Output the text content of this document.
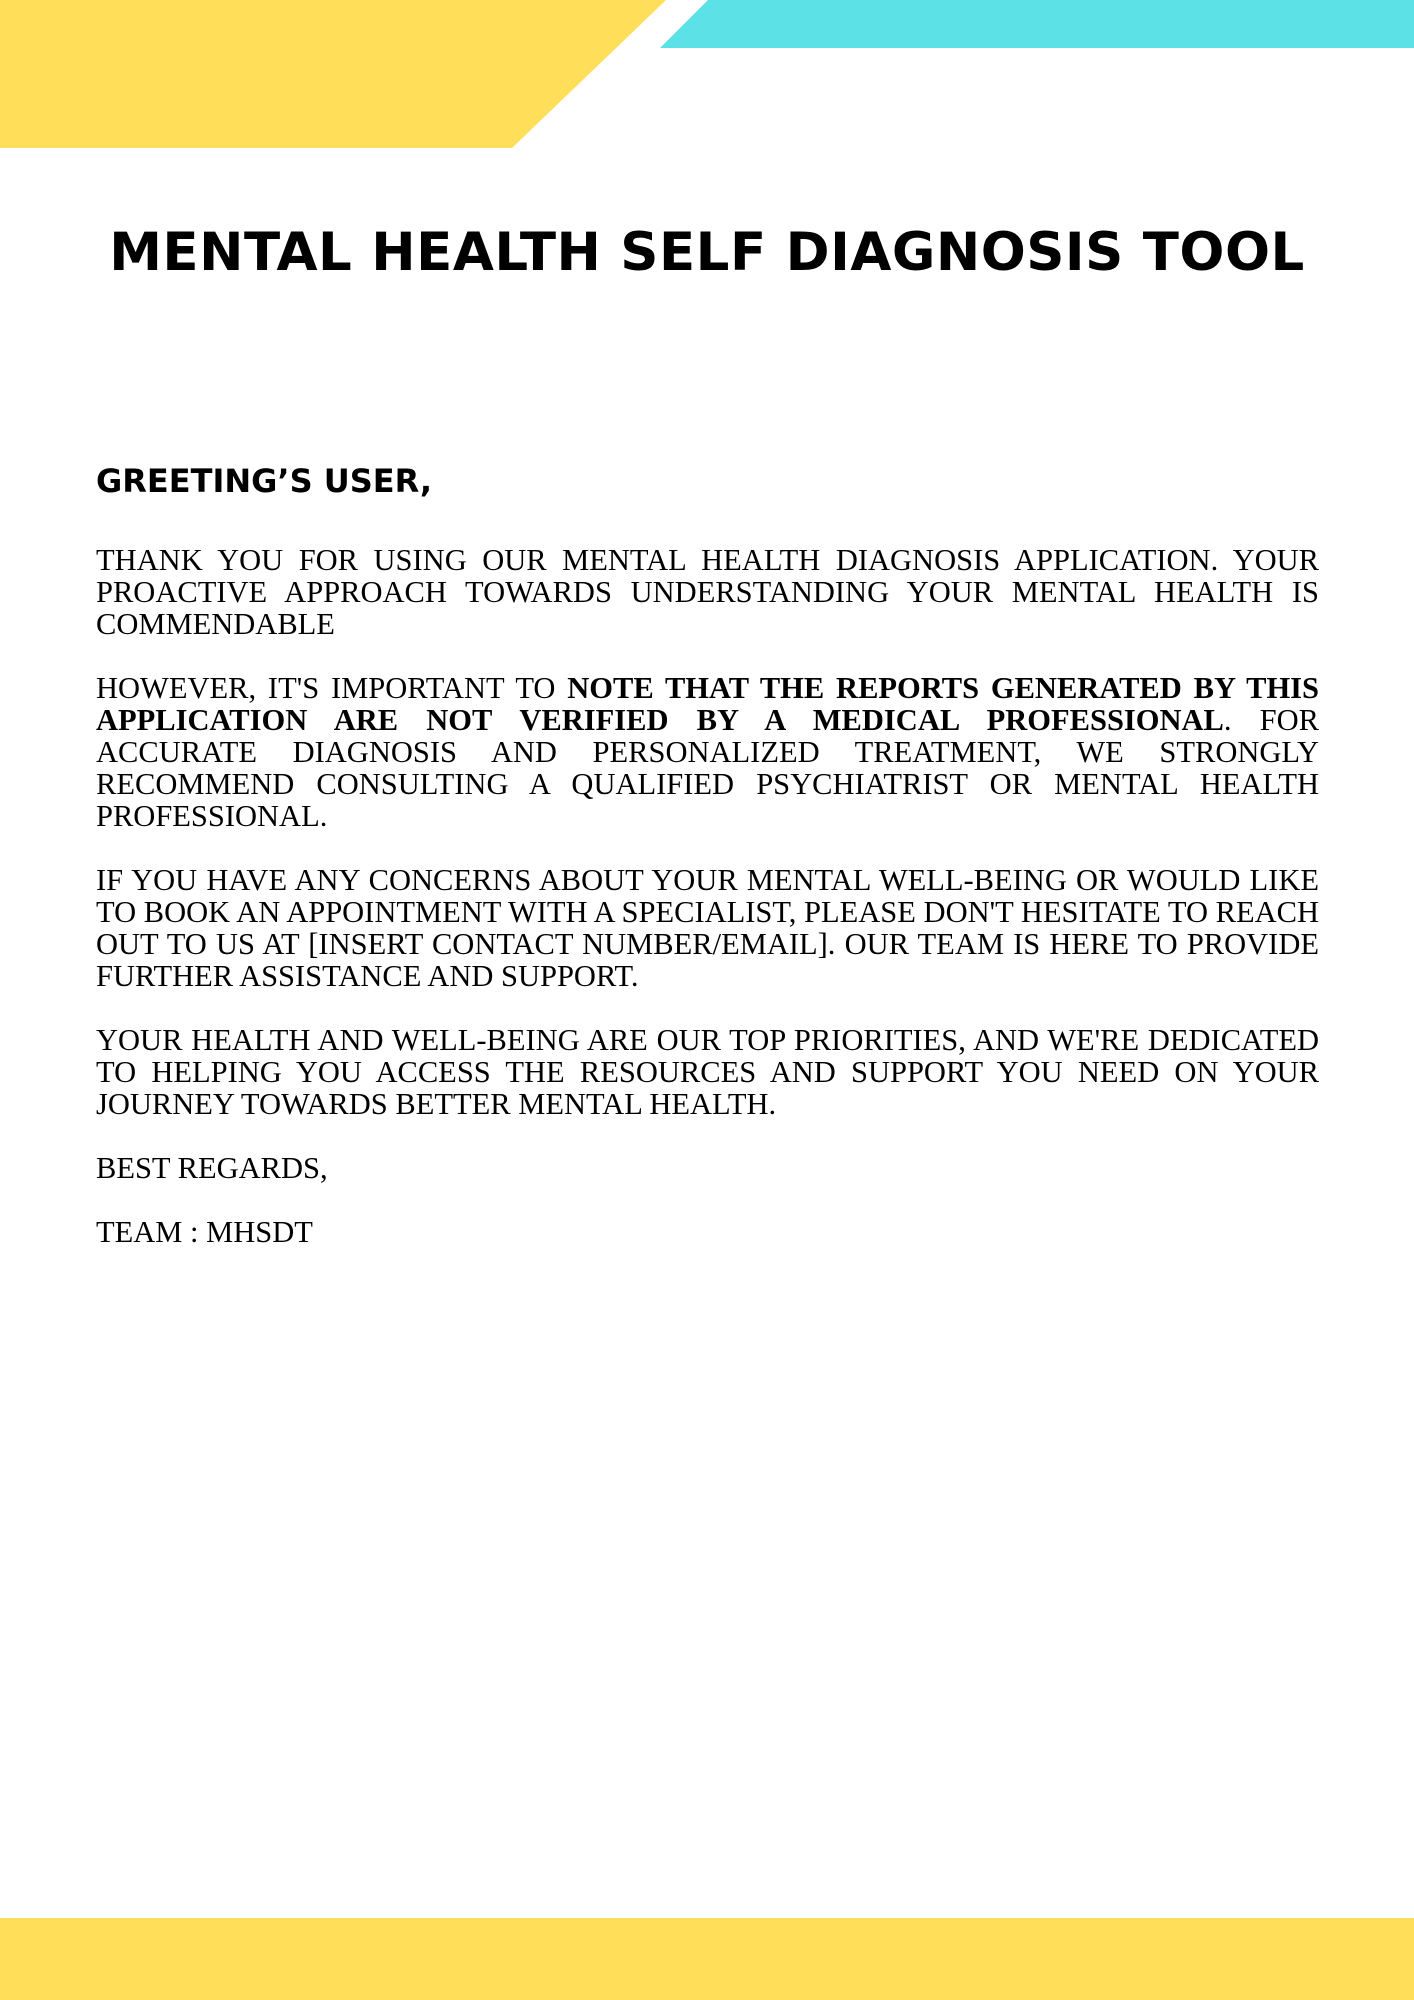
MENTAL HEALTH SELF DIAGNOSIS TOOL
GREETING’S USER,

THANK YOU FOR USING OUR MENTAL HEALTH DIAGNOSIS APPLICATION. YOUR PROACTIVE APPROACH TOWARDS UNDERSTANDING YOUR MENTAL HEALTH IS COMMENDABLE

HOWEVER, IT'S IMPORTANT TO NOTE THAT THE REPORTS GENERATED BY THIS APPLICATION ARE NOT VERIFIED BY A MEDICAL PROFESSIONAL. FOR ACCURATE DIAGNOSIS AND PERSONALIZED TREATMENT, WE STRONGLY RECOMMEND CONSULTING A QUALIFIED PSYCHIATRIST OR MENTAL HEALTH PROFESSIONAL.

IF YOU HAVE ANY CONCERNS ABOUT YOUR MENTAL WELL-BEING OR WOULD LIKE TO BOOK AN APPOINTMENT WITH A SPECIALIST, PLEASE DON'T HESITATE TO REACH OUT TO US AT [INSERT CONTACT NUMBER/EMAIL]. OUR TEAM IS HERE TO PROVIDE FURTHER ASSISTANCE AND SUPPORT.

YOUR HEALTH AND WELL-BEING ARE OUR TOP PRIORITIES, AND WE'RE DEDICATED TO HELPING YOU ACCESS THE RESOURCES AND SUPPORT YOU NEED ON YOUR JOURNEY TOWARDS BETTER MENTAL HEALTH.

BEST REGARDS,

TEAM : MHSDT
